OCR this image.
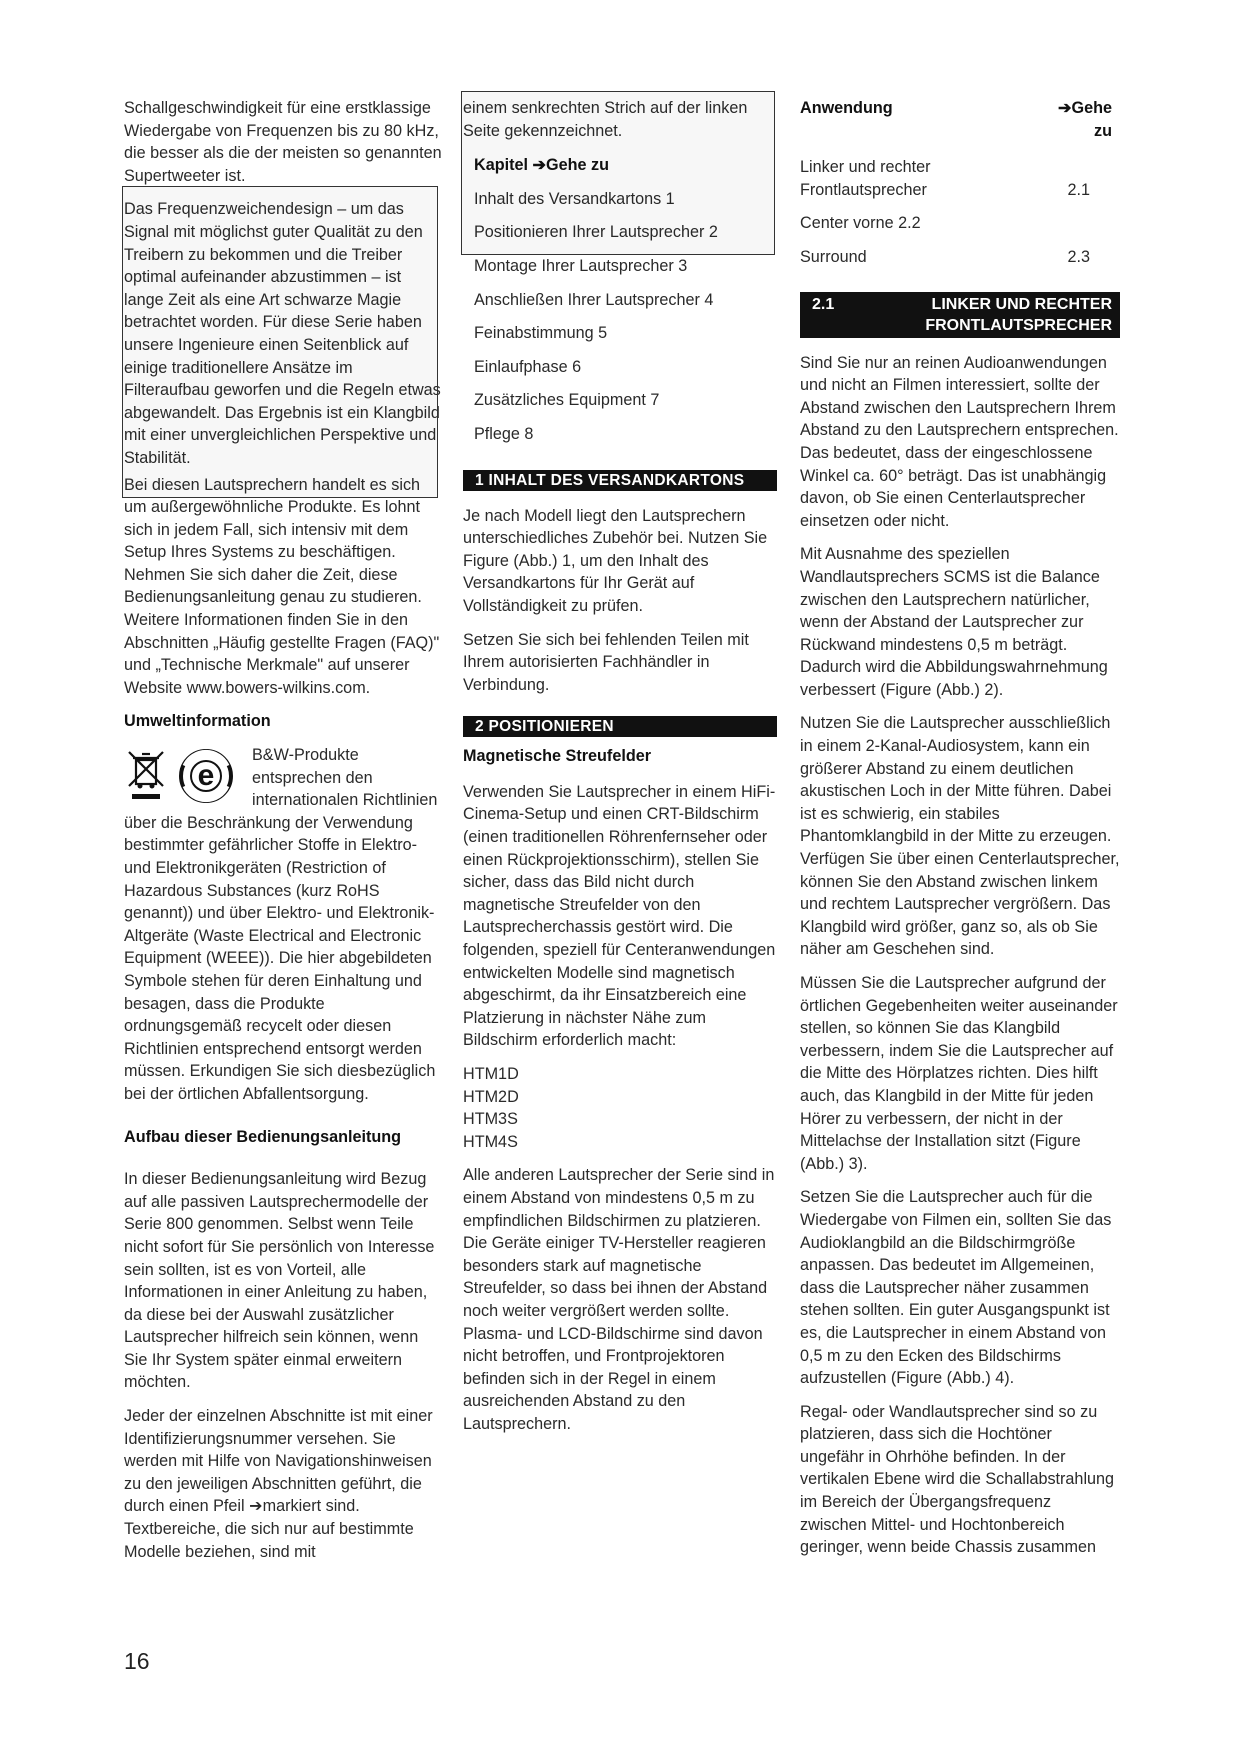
Schallgeschwindigkeit für eine erstklassige Wiedergabe von Frequenzen bis zu 80 kHz, die besser als die der meisten so genannten Supertweeter ist.

Das Frequenzweichendesign – um das Signal mit möglichst guter Qualität zu den Treibern zu bekommen und die Treiber optimal aufeinander abzustimmen – ist lange Zeit als eine Art schwarze Magie betrachtet worden. Für diese Serie haben unsere Ingenieure einen Seitenblick auf einige traditionellere Ansätze im Filteraufbau geworfen und die Regeln etwas abgewandelt. Das Ergebnis ist ein Klangbild mit einer unvergleichlichen Perspektive und Stabilität.

Bei diesen Lautsprechern handelt es sich um außergewöhnliche Produkte. Es lohnt sich in jedem Fall, sich intensiv mit dem Setup Ihres Systems zu beschäftigen. Nehmen Sie sich daher die Zeit, diese Bedienungsanleitung genau zu studieren. Weitere Informationen finden Sie in den Abschnitten „Häufig gestellte Fragen (FAQ)" und „Technische Merkmale" auf unserer Website www.bowers-wilkins.com.

Umweltinformation
e

B&W-Produkte entsprechen den internationalen Richtlinien über die Beschränkung der Verwendung bestimmter gefährlicher Stoffe in Elektro- und Elektronikgeräten (Restriction of Hazardous Substances (kurz RoHS genannt)) und über Elektro- und Elektronik-Altgeräte (Waste Electrical and Electronic Equipment (WEEE)). Die hier abgebildeten Symbole stehen für deren Einhaltung und besagen, dass die Produkte ordnungsgemäß recycelt oder diesen Richtlinien entsprechend entsorgt werden müssen. Erkundigen Sie sich diesbezüglich bei der örtlichen Abfallentsorgung.

Aufbau dieser Bedienungsanleitung

In dieser Bedienungsanleitung wird Bezug auf alle passiven Lautsprechermodelle der Serie 800 genommen. Selbst wenn Teile nicht sofort für Sie persönlich von Interesse sein sollten, ist es von Vorteil, alle Informationen in einer Anleitung zu haben, da diese bei der Auswahl zusätzlicher Lautsprecher hilfreich sein können, wenn Sie Ihr System später einmal erweitern möchten.

Jeder der einzelnen Abschnitte ist mit einer Identifizierungsnummer versehen. Sie werden mit Hilfe von Navigationshinweisen zu den jeweiligen Abschnitten geführt, die durch einen Pfeil ➔markiert sind. Textbereiche, die sich nur auf bestimmte Modelle beziehen, sind mit

einem senkrechten Strich auf der linken Seite gekennzeichnet.

Kapitel ➔Gehe zu
Inhalt des Versandkartons 1
Positionieren Ihrer Lautsprecher 2
Montage Ihrer Lautsprecher 3
Anschließen Ihrer Lautsprecher 4
Feinabstimmung 5
Einlaufphase 6
Zusätzliches Equipment 7
Pflege 8
1 INHALT DES VERSANDKARTONS

Je nach Modell liegt den Lautsprechern unterschiedliches Zubehör bei. Nutzen Sie Figure (Abb.) 1, um den Inhalt des Versandkartons für Ihr Gerät auf Vollständigkeit zu prüfen.

Setzen Sie sich bei fehlenden Teilen mit Ihrem autorisierten Fachhändler in Verbindung.

2 POSITIONIEREN
Magnetische Streufelder

Verwenden Sie Lautsprecher in einem HiFi-Cinema-Setup und einen CRT-Bildschirm (einen traditionellen Röhrenfernseher oder einen Rückprojektionsschirm), stellen Sie sicher, dass das Bild nicht durch magnetische Streufelder von den Lautsprecherchassis gestört wird. Die folgenden, speziell für Centeranwendungen entwickelten Modelle sind magnetisch abgeschirmt, da ihr Einsatzbereich eine Platzierung in nächster Nähe zum Bildschirm erforderlich macht:

HTM1D
HTM2D
HTM3S
HTM4S

Alle anderen Lautsprecher der Serie sind in einem Abstand von mindestens 0,5 m zu empfindlichen Bildschirmen zu platzieren. Die Geräte einiger TV-Hersteller reagieren besonders stark auf magnetische Streufelder, so dass bei ihnen der Abstand noch weiter vergrößert werden sollte. Plasma- und LCD-Bildschirme sind davon nicht betroffen, und Frontprojektoren befinden sich in der Regel in einem ausreichenden Abstand zu den Lautsprechern.

Anwendung	➔Gehe zu
Linker und rechter Frontlautsprecher	2.1
Center vorne 2.2	
Surround	2.3
2.1	LINKER UND RECHTER FRONTLAUTSPRECHER

Sind Sie nur an reinen Audioanwendungen und nicht an Filmen interessiert, sollte der Abstand zwischen den Lautsprechern Ihrem Abstand zu den Lautsprechern entsprechen. Das bedeutet, dass der eingeschlossene Winkel ca. 60° beträgt. Das ist unabhängig davon, ob Sie einen Centerlautsprecher einsetzen oder nicht.

Mit Ausnahme des speziellen Wandlautsprechers SCMS ist die Balance zwischen den Lautsprechern natürlicher, wenn der Abstand der Lautsprecher zur Rückwand mindestens 0,5 m beträgt. Dadurch wird die Abbildungswahrnehmung verbessert (Figure (Abb.) 2).

Nutzen Sie die Lautsprecher ausschließlich in einem 2-Kanal-Audiosystem, kann ein größerer Abstand zu einem deutlichen akustischen Loch in der Mitte führen. Dabei ist es schwierig, ein stabiles Phantomklangbild in der Mitte zu erzeugen. Verfügen Sie über einen Centerlautsprecher, können Sie den Abstand zwischen linkem und rechtem Lautsprecher vergrößern. Das Klangbild wird größer, ganz so, als ob Sie näher am Geschehen sind.

Müssen Sie die Lautsprecher aufgrund der örtlichen Gegebenheiten weiter auseinander stellen, so können Sie das Klangbild verbessern, indem Sie die Lautsprecher auf die Mitte des Hörplatzes richten. Dies hilft auch, das Klangbild in der Mitte für jeden Hörer zu verbessern, der nicht in der Mittelachse der Installation sitzt (Figure (Abb.) 3).

Setzen Sie die Lautsprecher auch für die Wiedergabe von Filmen ein, sollten Sie das Audioklangbild an die Bildschirmgröße anpassen. Das bedeutet im Allgemeinen, dass die Lautsprecher näher zusammen stehen sollten. Ein guter Ausgangspunkt ist es, die Lautsprecher in einem Abstand von 0,5 m zu den Ecken des Bildschirms aufzustellen (Figure (Abb.) 4).

Regal- oder Wandlautsprecher sind so zu platzieren, dass sich die Hochtöner ungefähr in Ohrhöhe befinden. In der vertikalen Ebene wird die Schallabstrahlung im Bereich der Übergangsfrequenz zwischen Mittel- und Hochtonbereich geringer, wenn beide Chassis zusammen

16
